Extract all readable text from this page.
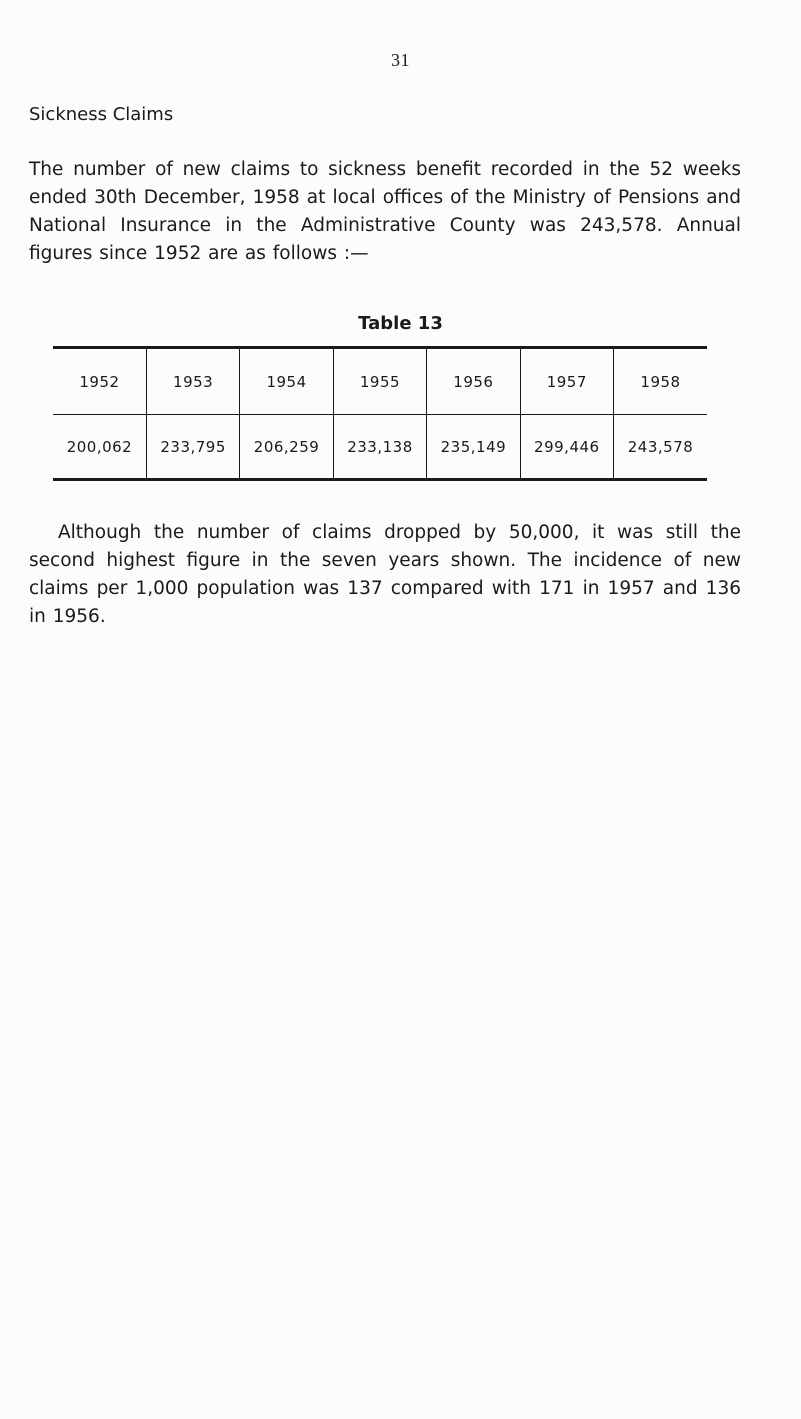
31
Sickness Claims

The number of new claims to sickness benefit recorded in the 52 weeks ended 30th December, 1958 at local offices of the Ministry of Pensions and National Insurance in the Administrative County was 243,578. Annual figures since 1952 are as follows :—

Table 13
1952	1953	1954	1955	1956	1957	1958
200,062	233,795	206,259	233,138	235,149	299,446	243,578

Although the number of claims dropped by 50,000, it was still the second highest figure in the seven years shown. The incidence of new claims per 1,000 population was 137 compared with 171 in 1957 and 136 in 1956.
